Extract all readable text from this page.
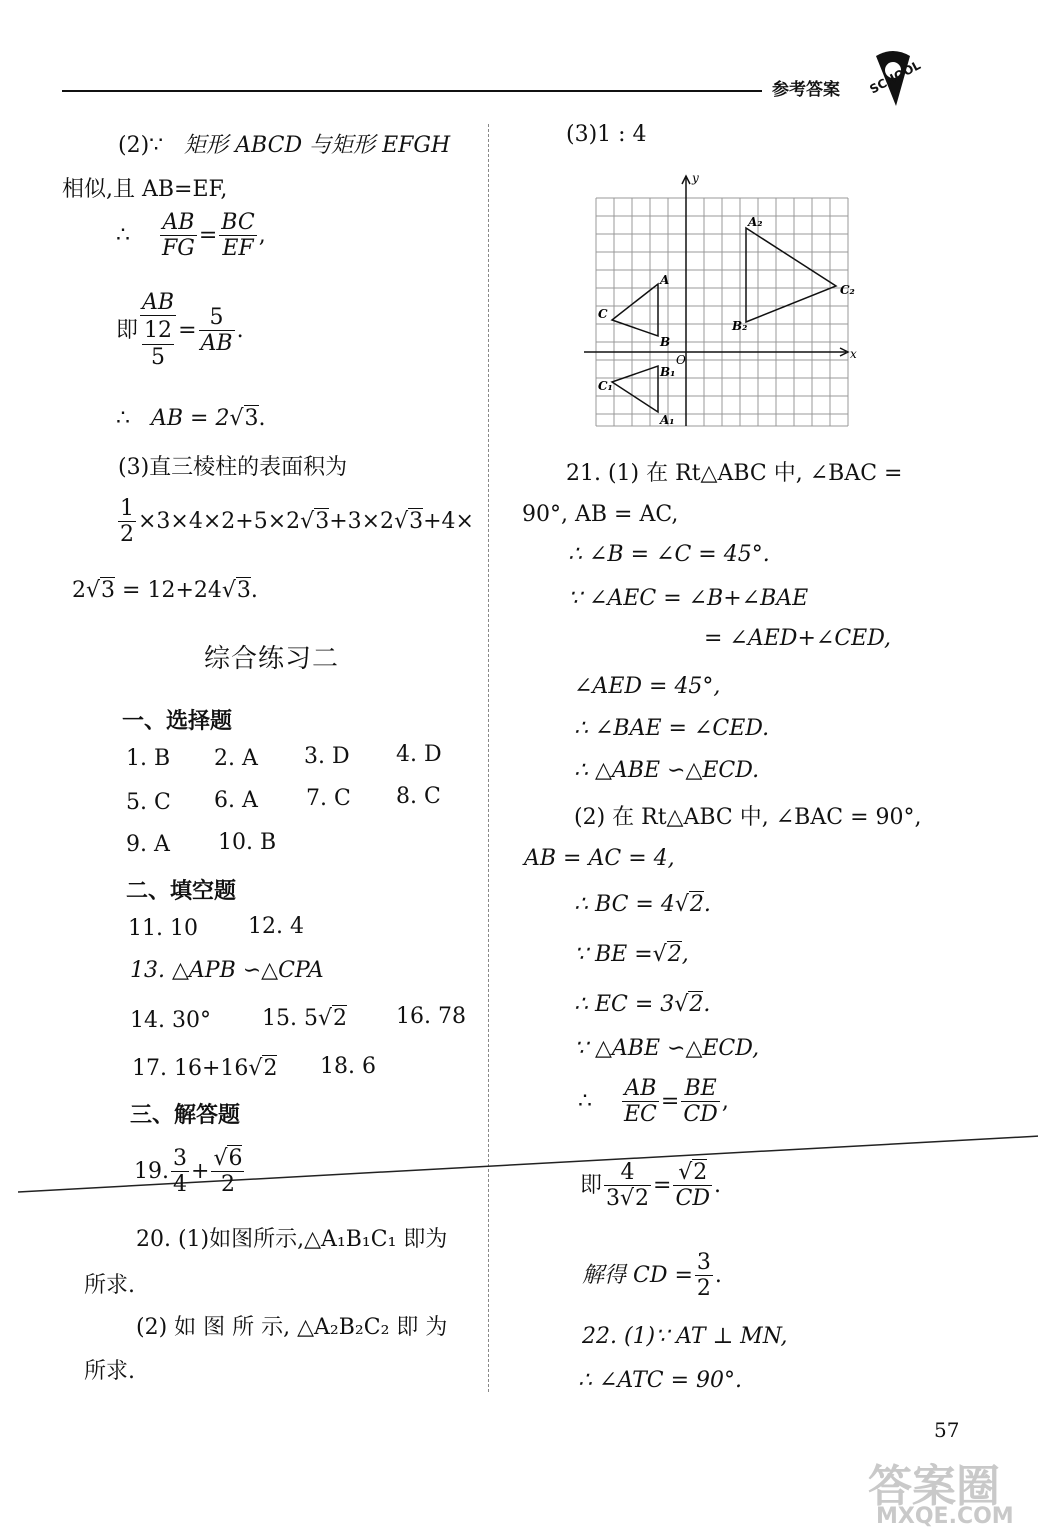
参考答案 SCHOOL
(2)∵ 矩形 ABCD 与矩形 EFGH
相似,且 AB=EF,
∴ $\frac{AB}{FG} = \frac{BC}{EF}$ ,
即 $\frac{AB}{\frac{12}{5}} = \frac{5}{AB}$ .
∴ AB = 2√3.
(3)直三棱柱的表面积为
$\frac{1}{2} \times 3\times 4\times 2+5\times 2√3+3\times 2√3+4\times$
2√3 = 12+24√3.
综合练习二
一、选择题
1. B 2. A 3. D 4. D
5. C 6. A 7. C 8. C
9. A 10. B
二、填空题
11. 10 12. 4
13. △APB ∽△CPA
14. 30° 15. 5√2 16. 78
17. 16+16√2 18. 6
三、解答题
19. $\frac{3}{4} + \frac{√6}{2}$
20. (1)如图所示,△A₁B₁C₁ 即为
所求.
(2) 如 图 所 示, △A₂B₂C₂ 即 为
所求.
(3)1 : 4
x
y
O
A
B
C
A₁
B₁
C₁
A₂
B₂
C₂
21. (1) 在 Rt△ABC 中, ∠BAC =
90°, AB = AC,
∴ ∠B = ∠C = 45°.
∵ ∠AEC = ∠B+∠BAE
= ∠AED+∠CED,
∠AED = 45°,
∴ ∠BAE = ∠CED.
∴ △ABE ∽△ECD.
(2) 在 Rt△ABC 中, ∠BAC = 90°,
AB = AC = 4,
∴ BC = 4√2.
∵ BE =√2,
∴ EC = 3√2.
∵ △ABE ∽△ECD,
∴ $\frac{AB}{EC} = \frac{BE}{CD}$ ,
即 $\frac{4}{3√2} = \frac{√2}{CD}$ .
解得 CD = $\frac{3}{2}$ .
22. (1)∵ AT ⊥ MN,
∴ ∠ATC = 90°.
57
答案圈
MXQE.COM
